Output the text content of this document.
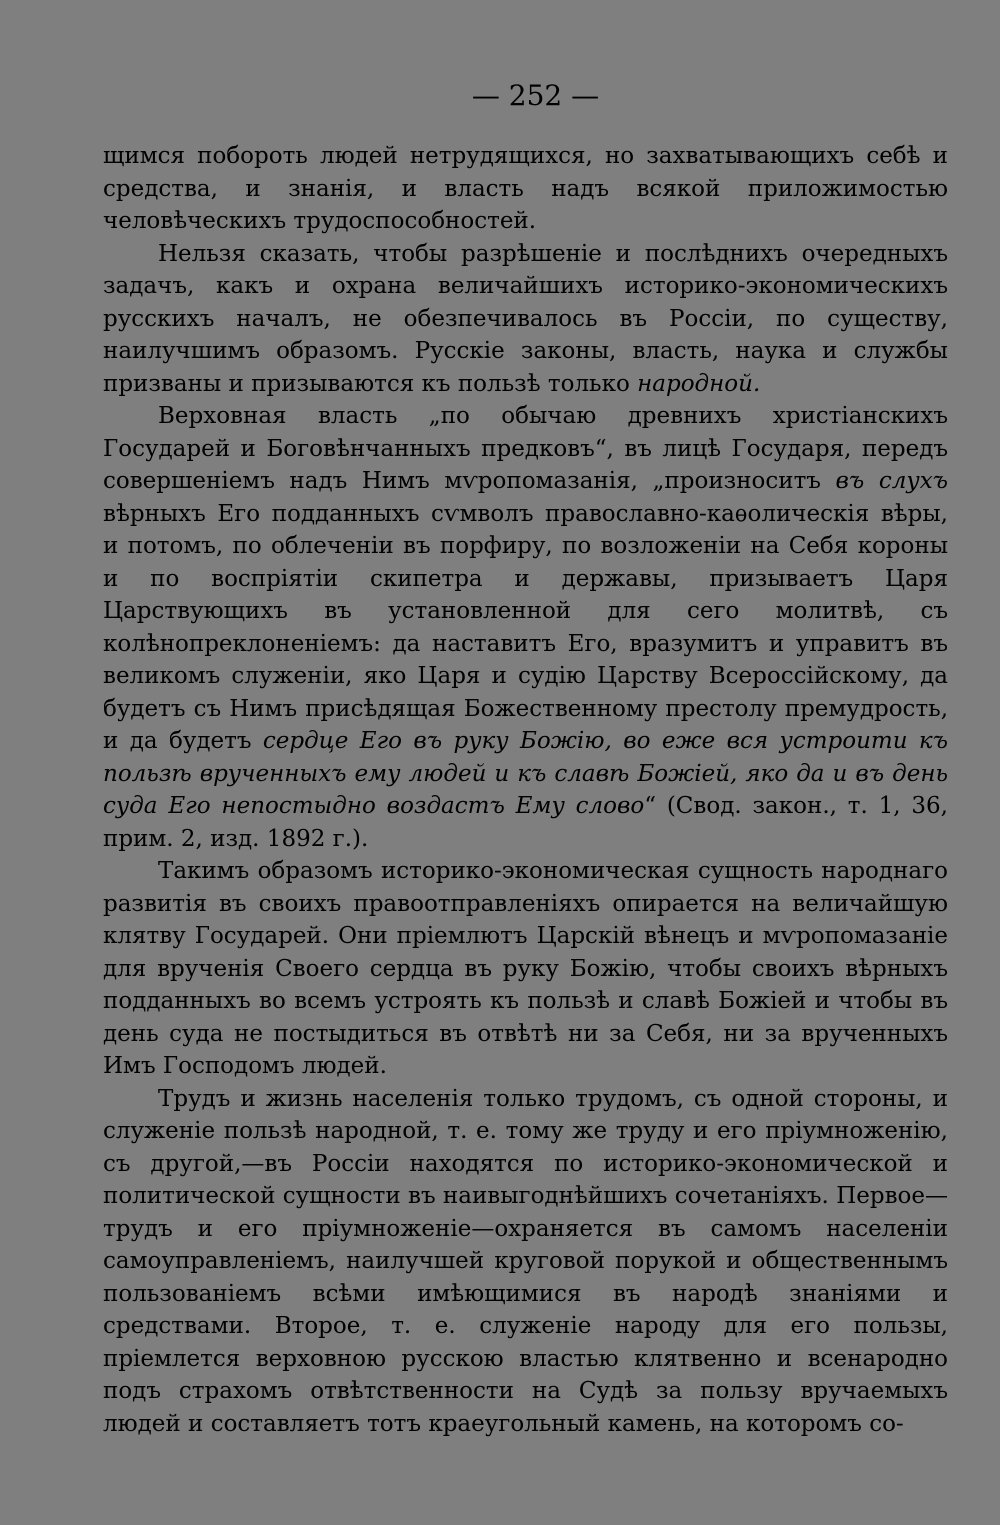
— 252 —

щимся побороть людей нетрудящихся, но захватывающихъ себѣ и средства, и знанія, и власть надъ всякой приложимостью человѣческихъ трудоспособностей.

Нельзя сказать, чтобы разрѣшеніе и послѣднихъ очередныхъ задачъ, какъ и охрана величайшихъ историко-экономическихъ русскихъ началъ, не обезпечивалось въ Россіи, по существу, наилучшимъ образомъ. Русскіе законы, власть, наука и службы призваны и призываются къ пользѣ только народной.

Верховная власть „по обычаю древнихъ христіанскихъ Государей и Боговѣнчанныхъ предковъ“, въ лицѣ Государя, передъ совершеніемъ надъ Нимъ мѵропомазанія, „произноситъ въ слухъ вѣрныхъ Его подданныхъ сѵмволъ православно-каѳолическія вѣры, и потомъ, по облеченіи въ порфиру, по возложеніи на Себя короны и по воспріятіи скипетра и державы, призываетъ Царя Царствующихъ въ установленной для сего молитвѣ, съ колѣнопреклоненіемъ: да наставитъ Его, вразумитъ и управитъ въ великомъ служеніи, яко Царя и судію Царству Всероссійскому, да будетъ съ Нимъ присѣдящая Божественному престолу премудрость, и да будетъ сердце Его въ руку Божію, во еже вся устроити къ пользѣ врученныхъ ему людей и къ славѣ Божіей, яко да и въ день суда Его непостыдно воздастъ Ему слово“ (Свод. закон., т. 1, 36, прим. 2, изд. 1892 г.).

Такимъ образомъ историко-экономическая сущность народнаго развитія въ своихъ правоотправленіяхъ опирается на величайшую клятву Государей. Они пріемлютъ Царскій вѣнецъ и мѵропомазаніе для врученія Своего сердца въ руку Божію, чтобы своихъ вѣрныхъ подданныхъ во всемъ устроять къ пользѣ и славѣ Божіей и чтобы въ день суда не постыдиться въ отвѣтѣ ни за Себя, ни за врученныхъ Имъ Господомъ людей.

Трудъ и жизнь населенія только трудомъ, съ одной стороны, и служеніе пользѣ народной, т. е. тому же труду и его пріумноженію, съ другой,—въ Россіи находятся по историко-экономической и политической сущности въ наивыгоднѣйшихъ сочетаніяхъ. Первое—трудъ и его пріумноженіе—охраняется въ самомъ населеніи самоуправленіемъ, наилучшей круговой порукой и общественнымъ пользованіемъ всѣми имѣющимися въ народѣ знаніями и средствами. Второе, т. е. служеніе народу для его пользы, пріемлется верховною русскою властью клятвенно и всенародно подъ страхомъ отвѣтственности на Судѣ за пользу вручаемыхъ людей и составляетъ тотъ краеугольный камень, на которомъ со-
